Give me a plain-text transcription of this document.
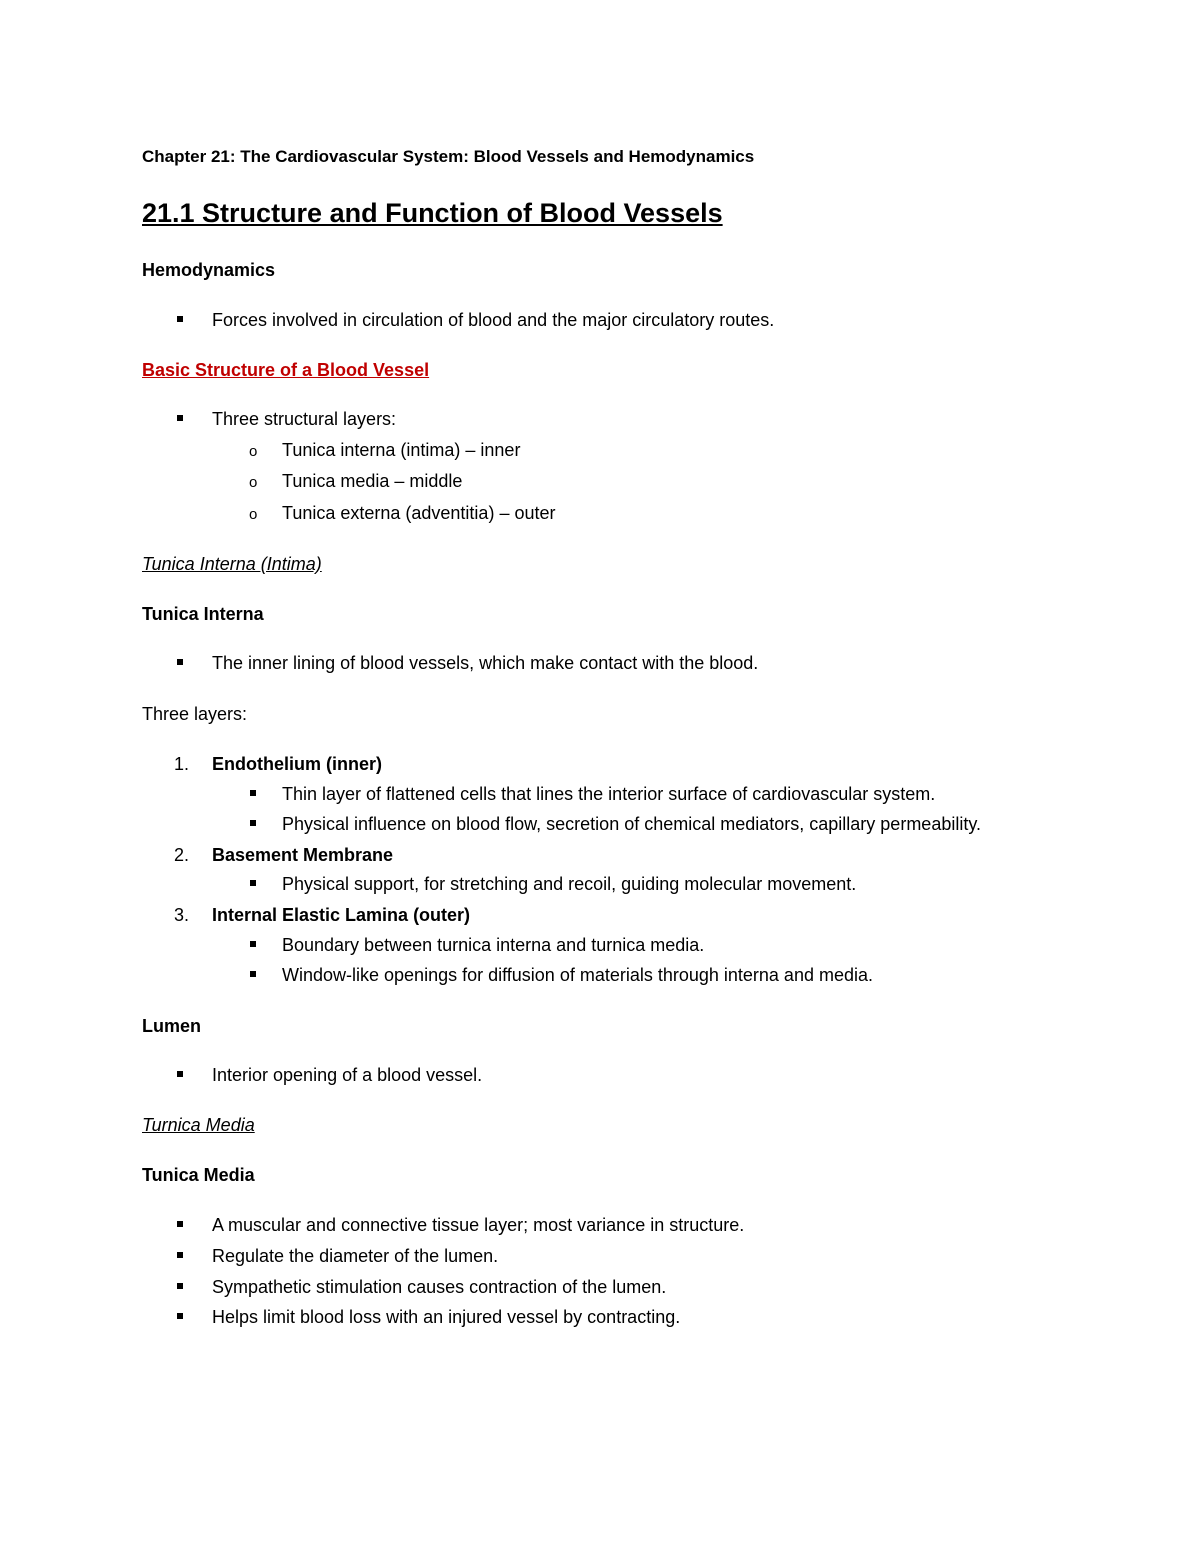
Chapter 21: The Cardiovascular System: Blood Vessels and Hemodynamics
21.1 Structure and Function of Blood Vessels
Hemodynamics
Forces involved in circulation of blood and the major circulatory routes.
Basic Structure of a Blood Vessel
Three structural layers:
o Tunica interna (intima) – inner
o Tunica media – middle
o Tunica externa (adventitia) – outer
Tunica Interna (Intima)
Tunica Interna
The inner lining of blood vessels, which make contact with the blood.
Three layers:
1. Endothelium (inner)
Thin layer of flattened cells that lines the interior surface of cardiovascular system.
Physical influence on blood flow, secretion of chemical mediators, capillary permeability.
2. Basement Membrane
Physical support, for stretching and recoil, guiding molecular movement.
3. Internal Elastic Lamina (outer)
Boundary between turnica interna and turnica media.
Window-like openings for diffusion of materials through interna and media.
Lumen
Interior opening of a blood vessel.
Turnica Media
Tunica Media
A muscular and connective tissue layer; most variance in structure.
Regulate the diameter of the lumen.
Sympathetic stimulation causes contraction of the lumen.
Helps limit blood loss with an injured vessel by contracting.
